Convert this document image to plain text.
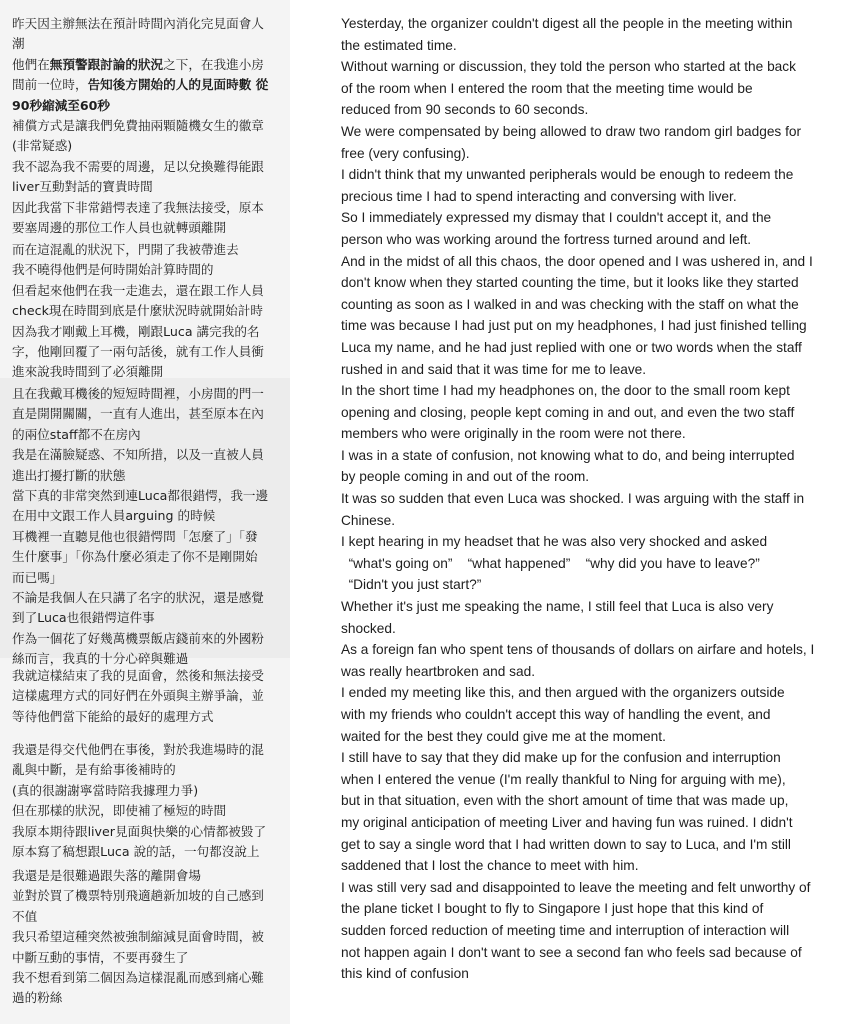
昨天因主辦無法在預計時間內消化完見面會人
潮
他們在無預警跟討論的狀況之下，在我進小房
間前一位時，告知後方開始的人的見面時數 從
90秒縮減至60秒
補償方式是讓我們免費抽兩顆隨機女生的徽章
(非常疑惑)
我不認為我不需要的周邊，足以兌換難得能跟
liver互動對話的寶貴時間
因此我當下非常錯愕表達了我無法接受，原本
要塞周邊的那位工作人員也就轉頭離開
而在這混亂的狀況下，門開了我被帶進去
我不曉得他們是何時開始計算時間的
但看起來他們在我一走進去，還在跟工作人員
check現在時間到底是什麼狀況時就開始計時
因為我才剛戴上耳機，剛跟Luca 講完我的名
字，他剛回覆了一兩句話後，就有工作人員衝
進來說我時間到了必須離開
且在我戴耳機後的短短時間裡，小房間的門一
直是開開關關，一直有人進出，甚至原本在內
的兩位staff都不在房內
我是在滿臉疑惑、不知所措，以及一直被人員
進出打擾打斷的狀態
當下真的非常突然到連Luca都很錯愕，我一邊
在用中文跟工作人員arguing 的時候
耳機裡一直聽見他也很錯愕問「怎麼了」「發
生什麼事」「你為什麼必須走了你不是剛開始
而已嗎」
不論是我個人在只講了名字的狀況，還是感覺
到了Luca也很錯愕這件事
作為一個花了好幾萬機票飯店錢前來的外國粉
絲而言，我真的十分心碎與難過
我就這樣結束了我的見面會，然後和無法接受
這樣處理方式的同好們在外頭與主辦爭論，並
等待他們當下能給的最好的處理方式
我還是得交代他們在事後，對於我進場時的混
亂與中斷，是有給事後補時的
(真的很謝謝寧當時陪我據理力爭)
但在那樣的狀況，即使補了極短的時間
我原本期待跟liver見面與快樂的心情都被毀了
原本寫了稿想跟Luca 說的話，一句都沒說上
我還是是很難過跟失落的離開會場
並對於買了機票特別飛適趟新加坡的自己感到
不值
我只希望這種突然被強制縮減見面會時間，被
中斷互動的事情，不要再發生了
我不想看到第二個因為這樣混亂而感到痛心難
過的粉絲
Yesterday, the organizer couldn't digest all the people in the meeting within
the estimated time.
Without warning or discussion, they told the person who started at the back
of the room when I entered the room that the meeting time would be
reduced from 90 seconds to 60 seconds.
We were compensated by being allowed to draw two random girl badges for
free (very confusing).
I didn't think that my unwanted peripherals would be enough to redeem the
precious time I had to spend interacting and conversing with liver.
So I immediately expressed my dismay that I couldn't accept it, and the
person who was working around the fortress turned around and left.
And in the midst of all this chaos, the door opened and I was ushered in, and I
don't know when they started counting the time, but it looks like they started
counting as soon as I walked in and was checking with the staff on what the
time was because I had just put on my headphones, I had just finished telling
Luca my name, and he had just replied with one or two words when the staff
rushed in and said that it was time for me to leave.
In the short time I had my headphones on, the door to the small room kept
opening and closing, people kept coming in and out, and even the two staff
members who were originally in the room were not there.
I was in a state of confusion, not knowing what to do, and being interrupted
by people coming in and out of the room.
It was so sudden that even Luca was shocked. I was arguing with the staff in
Chinese.
I kept hearing in my headset that he was also very shocked and asked
“what's going on”    “what happened”    “why did you have to leave?”
“Didn't you just start?”
Whether it's just me speaking the name, I still feel that Luca is also very
shocked.
As a foreign fan who spent tens of thousands of dollars on airfare and hotels, I
was really heartbroken and sad.
I ended my meeting like this, and then argued with the organizers outside
with my friends who couldn't accept this way of handling the event, and
waited for the best they could give me at the moment.
I still have to say that they did make up for the confusion and interruption
when I entered the venue (I'm really thankful to Ning for arguing with me),
but in that situation, even with the short amount of time that was made up,
my original anticipation of meeting Liver and having fun was ruined. I didn't
get to say a single word that I had written down to say to Luca, and I'm still
saddened that I lost the chance to meet with him.
I was still very sad and disappointed to leave the meeting and felt unworthy of
the plane ticket I bought to fly to Singapore I just hope that this kind of
sudden forced reduction of meeting time and interruption of interaction will
not happen again I don't want to see a second fan who feels sad because of
this kind of confusion
